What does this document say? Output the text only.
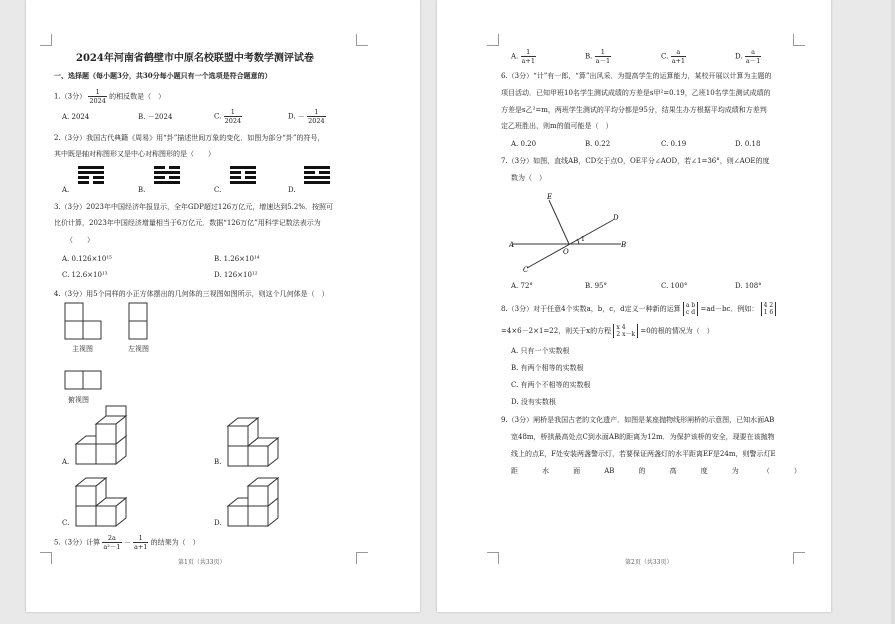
2024年河南省鹤壁市中原名校联盟中考数学测评试卷
一、选择题（每小题3分，共30分每小题只有一个选项是符合题意的）
1.（3分） $\frac{1}{2024}$ 的相反数是（　）
A. 2024	B. －2024	C. $\frac{1}{2024}$	D. － $\frac{1}{2024}$
2.（3分）我国古代典籍《周易》用“卦”描述世间万象的变化．如图为部分“卦”的符号，
其中既是轴对称图形又是中心对称图形的是（　　）
A.	B.	C.	D.
3.（3分）2023年中国经济年报显示，全年GDP超过126万亿元，增速达到5.2%．按照可
比价计算，2023年中国经济增量相当于6万亿元．数据“126万亿”用科学记数法表示为
（　　）
A. 0.126×10¹⁵	B. 1.26×10¹⁴
C. 12.6×10¹³	D. 126×10¹²
4.（3分）用5个同样的小正方体摆出的几何体的三视图如图所示，则这个几何体是（　）
主视图	左视图
俯视图
A.	B.
C.	D.
5.（3分）计算 $\frac{2a}{\text{a²－1}} - \frac{1}{a+1}$ 的结果为（　）
第1页（共33页）
A. $\frac{1}{a+1}$	B. $\frac{1}{a-1}$	C. $\frac{a}{a+1}$	D. $\frac{a}{a-1}$
6.（3分）“计”有一郎，“算”出风采．为提高学生的运算能力，某校开展以计算为主题的
项目活动．已知甲班10名学生测试成绩的方差是s甲²=0.19，乙班10名学生测试成绩的
方差是s乙²=m，两班学生测试的平均分都是95分，结果生办方根据平均成绩和方差判
定乙班胜出，则m的值可能是（　）
A. 0.20	B. 0.22	C. 0.19	D. 0.18
7.（3分）如图，直线AB，CD交于点O，OE平分∠AOD，若∠1=36°，则∠AOE的度
数为（　）
E
D
A
O
1
B
C
A. 72°	B. 95°	C. 100°	D. 108°
8.（3分）对于任意4个实数a，b，c，d定义一种新的运算 a b
c d =ad－bc．例如： 4 2
1 6
=4×6－2×1=22，则关于x的方程 x 4
2 x－k =0的根的情况为（　）
A. 只有一个实数根
B. 有两个相等的实数根
C. 有两个不相等的实数根
D. 没有实数根
9.（3分）闸桥是我国古老的文化遗产．如图是某座抛物线形闸桥的示意图，已知水面AB
宽48m，桥拱最高处点C到水面AB的距离为12m．为保护该桥的安全，现要在该抛物
线上的点E，F处安装两盏警示灯，若要保证两盏灯的水平距离EF是24m，则警示灯E
距	水	面	AB	的	高	度	为	（	）
第2页（共33页）
